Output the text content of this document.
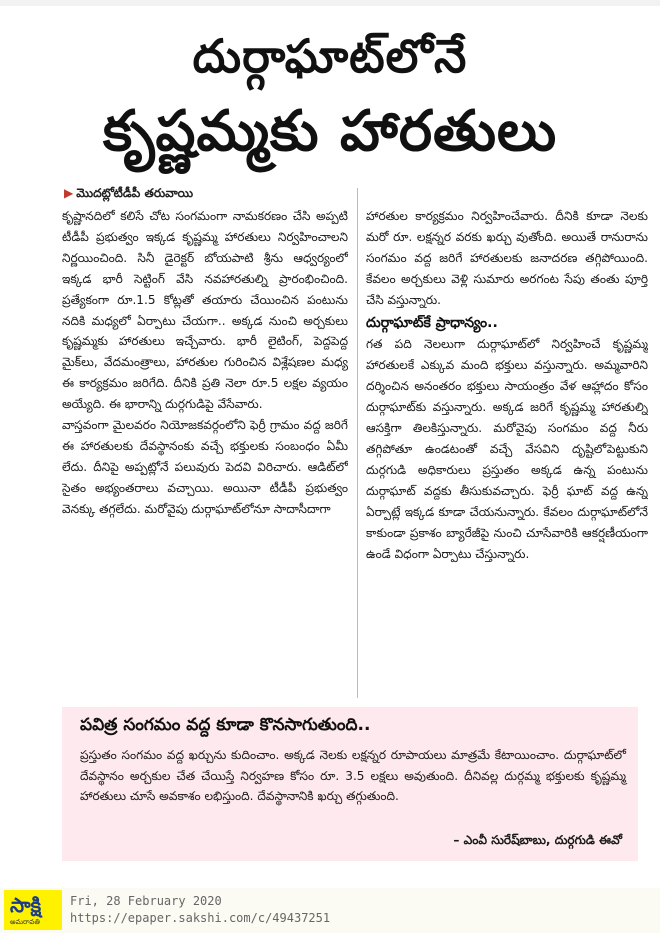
దుర్గాఘాట్‌లోనే
కృష్ణమ్మకు హారతులు
▶ మొదట్లోటీడీపీ తరువాయి

కృష్ణానదిలో కలిసే చోట సంగమంగా నామకరణం చేసి అప్పటి టీడీపీ ప్రభుత్వం ఇక్కడ కృష్ణమ్మ హారతులు నిర్వహించాలని నిర్ణయించింది. సినీ డైరెక్టర్ బోయపాటి శ్రీను ఆధ్వర్యంలో ఇక్కడ భారీ సెట్టింగ్ వేసి నవహారతుల్ని ప్రారంభించింది. ప్రత్యేకంగా రూ.1.5 కోట్లతో తయారు చేయించిన పంటును నదికి మధ్యలో ఏర్పాటు చేయగా.. అక్కడ నుంచి అర్చకులు కృష్ణమ్మకు హారతులు ఇచ్చేవారు. భారీ లైటింగ్, పెద్దపెద్ద మైక్‌లు, వేదమంత్రాలు, హారతుల గురించిన విశ్లేషణల మధ్య ఈ కార్యక్రమం జరిగేది. దీనికి ప్రతి నెలా రూ.5 లక్షల వ్యయం అయ్యేది. ఈ భారాన్ని దుర్గగుడిపై వేసేవారు.

వాస్తవంగా మైలవరం నియోజకవర్గంలోని ఫెర్రీ గ్రామం వద్ద జరిగే ఈ హారతులకు దేవస్థానంకు వచ్చే భక్తులకు సంబంధం ఏమీ లేదు. దీనిపై అప్పట్లోనే పలువురు పెదవి విరిచారు. ఆడిట్‌లో సైతం అభ్యంతరాలు వచ్చాయి. అయినా టీడీపీ ప్రభుత్వం వెనక్కు తగ్గలేదు. మరోవైపు దుర్గాఘాట్‌లోనూ సాదాసీదాగా

హారతుల కార్యక్రమం నిర్వహించేవారు. దీనికి కూడా నెలకు మరో రూ. లక్షన్నర వరకు ఖర్చు వుతోంది. అయితే రానురాను సంగమం వద్ద జరిగే హారతులకు జనాదరణ తగ్గిపోయింది. కేవలం అర్చకులు వెళ్లి సుమారు అరగంట సేపు తంతు పూర్తి చేసి వస్తున్నారు.

దుర్గాఘాట్‌కే ప్రాధాన్యం..

గత పది నెలలుగా దుర్గాఘాట్‌లో నిర్వహించే కృష్ణమ్మ హారతులకే ఎక్కువ మంది భక్తులు వస్తున్నారు. అమ్మవారిని దర్శించిన అనంతరం భక్తులు సాయంత్రం వేళ ఆహ్లాదం కోసం దుర్గాఘాట్‌కు వస్తున్నారు. అక్కడ జరిగే కృష్ణమ్మ హారతుల్ని ఆసక్తిగా తిలకిస్తున్నారు. మరోవైపు సంగమం వద్ద నీరు తగ్గిపోతూ ఉండటంతో వచ్చే వేసవిని దృష్టిలోపెట్టుకుని దుర్గగుడి అధికారులు ప్రస్తుతం అక్కడ ఉన్న పంటును దుర్గాఘాట్ వద్దకు తీసుకువచ్చారు. ఫెర్రీ ఘాట్ వద్ద ఉన్న ఏర్పాట్లే ఇక్కడ కూడా చేయనున్నారు. కేవలం దుర్గాఘాట్‌లోనే కాకుండా ప్రకాశం బ్యారేజీపై నుంచి చూసేవారికి ఆకర్షణీయంగా ఉండే విధంగా ఏర్పాటు చేస్తున్నారు.

పవిత్ర సంగమం వద్ద కూడా కొనసాగుతుంది..
ప్రస్తుతం సంగమం వద్ద ఖర్చును కుదించాం. అక్కడ నెలకు లక్షన్నర రూపాయలు మాత్రమే కేటాయించాం. దుర్గాఘాట్‌లో దేవస్థానం అర్చకుల చేత చేయిస్తే నిర్వహణ కోసం రూ. 3.5 లక్షలు అవుతుంది. దీనివల్ల దుర్గమ్మ భక్తులకు కృష్ణమ్మ హారతులు చూసే అవకాశం లభిస్తుంది. దేవస్థానానికి ఖర్చు తగ్గుతుంది.
– ఎంవీ సురేష్‌బాబు, దుర్గగుడి ఈవో
సాక్షి
అమరావతి
Fri, 28 February 2020
https://epaper.sakshi.com/c/49437251
